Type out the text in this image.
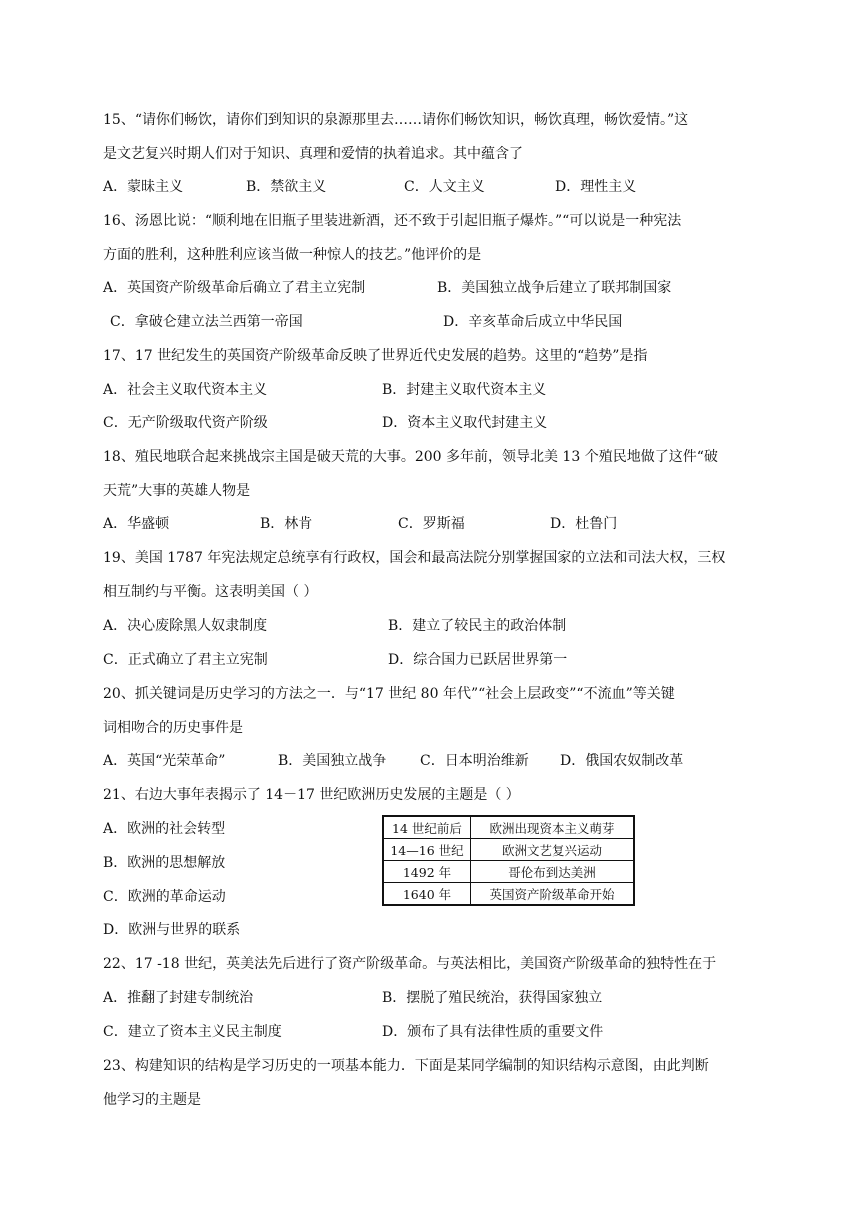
15、“请你们畅饮，请你们到知识的泉源那里去……请你们畅饮知识，畅饮真理，畅饮爱情。”这
是文艺复兴时期人们对于知识、真理和爱情的执着追求。其中蕴含了
A．蒙昧主义	B．禁欲主义	C．人文主义	D．理性主义
16、汤恩比说：“顺利地在旧瓶子里装进新酒，还不致于引起旧瓶子爆炸。”“可以说是一种宪法
方面的胜利，这种胜利应该当做一种惊人的技艺。”他评价的是
A．英国资产阶级革命后确立了君主立宪制	B．美国独立战争后建立了联邦制国家
C．拿破仑建立法兰西第一帝国	D．辛亥革命后成立中华民国
17、17 世纪发生的英国资产阶级革命反映了世界近代史发展的趋势。这里的“趋势”是指
A．社会主义取代资本主义	B．封建主义取代资本主义
C．无产阶级取代资产阶级	D．资本主义取代封建主义
18、殖民地联合起来挑战宗主国是破天荒的大事。200 多年前，领导北美 13 个殖民地做了这件“破
天荒”大事的英雄人物是
A．华盛顿	B．林肯	C．罗斯福	D．杜鲁门
19、美国 1787 年宪法规定总统享有行政权，国会和最高法院分别掌握国家的立法和司法大权，三权
相互制约与平衡。这表明美国（ ）
A．决心废除黑人奴隶制度	B．建立了较民主的政治体制
C．正式确立了君主立宪制	D．综合国力已跃居世界第一
20、抓关键词是历史学习的方法之一．与“17 世纪 80 年代”“社会上层政变”“不流血”等关键
词相吻合的历史事件是
A．英国“光荣革命”	B．美国独立战争 C．日本明治维新 D．俄国农奴制改革
21、右边大事年表揭示了 14－17 世纪欧洲历史发展的主题是（ ）
A．欧洲的社会转型
B．欧洲的思想解放
C．欧洲的革命运动
D．欧洲与世界的联系
14 世纪前后	欧洲出现资本主义萌芽
14—16 世纪	欧洲文艺复兴运动
1492 年	哥伦布到达美洲
1640 年	英国资产阶级革命开始
22、17 -18 世纪，英美法先后进行了资产阶级革命。与英法相比，美国资产阶级革命的独特性在于
A．推翻了封建专制统治	B．摆脱了殖民统治，获得国家独立
C．建立了资本主义民主制度	D．颁布了具有法律性质的重要文件
23、构建知识的结构是学习历史的一项基本能力．下面是某同学编制的知识结构示意图，由此判断
他学习的主题是
